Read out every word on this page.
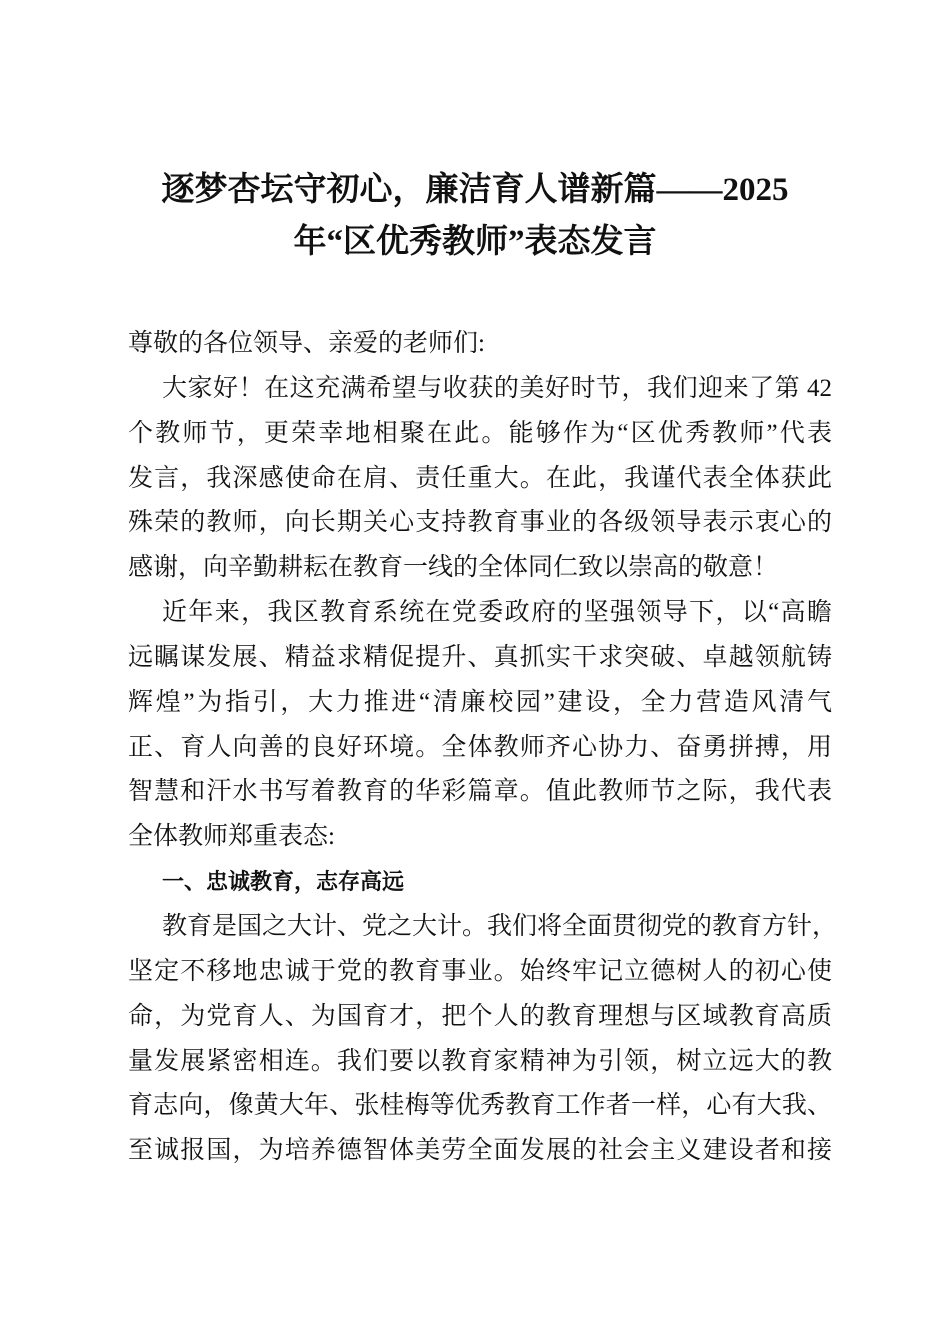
逐梦杏坛守初心，廉洁育人谱新篇——2025
年“区优秀教师”表态发言
尊敬的各位领导、亲爱的老师们:
大家好！在这充满希望与收获的美好时节，我们迎来了第 42
个教师节，更荣幸地相聚在此。能够作为“区优秀教师”代表
发言，我深感使命在肩、责任重大。在此，我谨代表全体获此
殊荣的教师，向长期关心支持教育事业的各级领导表示衷心的
感谢，向辛勤耕耘在教育一线的全体同仁致以崇高的敬意！
近年来，我区教育系统在党委政府的坚强领导下，以“高瞻
远瞩谋发展、精益求精促提升、真抓实干求突破、卓越领航铸
辉煌”为指引，大力推进“清廉校园”建设，全力营造风清气
正、育人向善的良好环境。全体教师齐心协力、奋勇拼搏，用
智慧和汗水书写着教育的华彩篇章。值此教师节之际，我代表
全体教师郑重表态:
一、忠诚教育，志存高远
教育是国之大计、党之大计。我们将全面贯彻党的教育方针，
坚定不移地忠诚于党的教育事业。始终牢记立德树人的初心使
命，为党育人、为国育才，把个人的教育理想与区域教育高质
量发展紧密相连。我们要以教育家精神为引领，树立远大的教
育志向，像黄大年、张桂梅等优秀教育工作者一样，心有大我、
至诚报国，为培养德智体美劳全面发展的社会主义建设者和接
